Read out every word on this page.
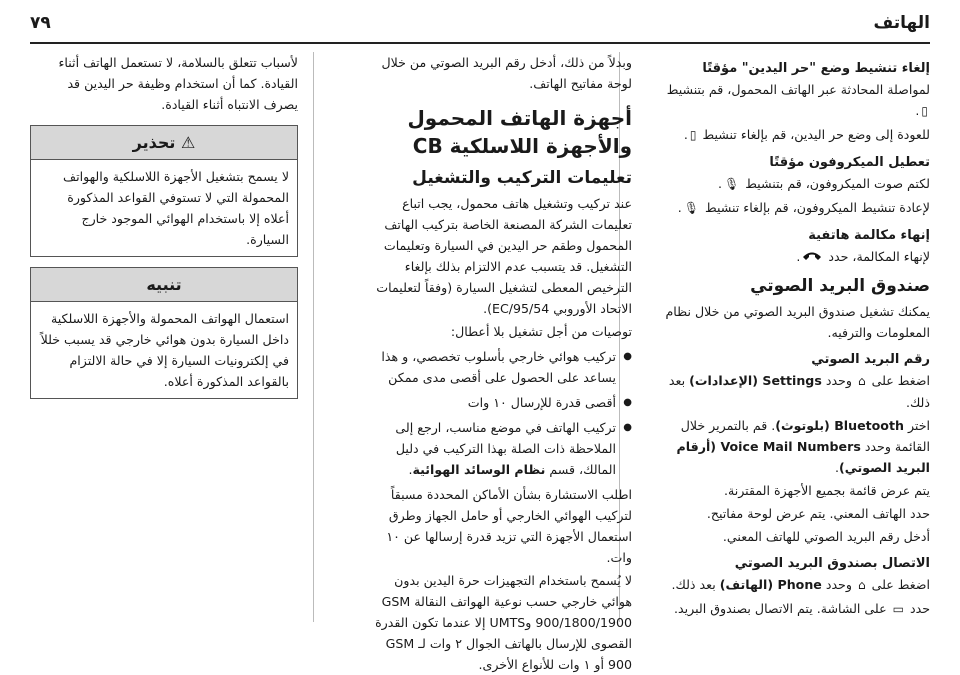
الهاتف
٧٩
إلغاء تنشيط وضع "حر اليدين" مؤقتًا

لمواصلة المحادثة عبر الهاتف المحمول، قم بتنشيط ▯.

للعودة إلى وضع حر اليدين، قم بإلغاء تنشيط ▯.

تعطيل الميكروفون مؤقتًا

لكتم صوت الميكروفون، قم بتنشيط 🎙.

لإعادة تنشيط الميكروفون، قم بإلغاء تنشيط 🎙.

إنهاء مكالمة هاتفية

لإنهاء المكالمة، حدد .

صندوق البريد الصوتي

يمكنك تشغيل صندوق البريد الصوتي من خلال نظام المعلومات والترفيه.

رقم البريد الصوتي

اضغط على ⌂ وحدد Settings (الإعدادات) بعد ذلك.

اختر Bluetooth (بلوتوث). قم بالتمرير خلال القائمة وحدد Voice Mail Numbers (أرقام البريد الصوتي).

يتم عرض قائمة بجميع الأجهزة المقترنة.

حدد الهاتف المعني. يتم عرض لوحة مفاتيح.

أدخل رقم البريد الصوتي للهاتف المعني.

الاتصال بصندوق البريد الصوتي

اضغط على ⌂ وحدد Phone (الهاتف) بعد ذلك.

حدد ▭ على الشاشة. يتم الاتصال بصندوق البريد.

وبدلاً من ذلك، أدخل رقم البريد الصوتي من خلال لوحة مفاتيح الهاتف.

أجهزة الهاتف المحمول والأجهزة اللاسلكية CB
تعليمات التركيب والتشغيل

عند تركيب وتشغيل هاتف محمول، يجب اتباع تعليمات الشركة المصنعة الخاصة بتركيب الهاتف المحمول وطقم حر اليدين في السيارة وتعليمات التشغيل. قد يتسبب عدم الالتزام بذلك بإلغاء الترخيص المعطى لتشغيل السيارة (وفقاً لتعليمات الاتحاد الأوروبي 95/54/EC).

توصيات من أجل تشغيل بلا أعطال:

● تركيب هوائي خارجي بأسلوب تخصصي، و هذا يساعد على الحصول على أقصى مدى ممكن
● أقصى قدرة للإرسال ١٠ وات
● تركيب الهاتف في موضع مناسب، ارجع إلى الملاحظة ذات الصلة بهذا التركيب في دليل المالك، قسم نظام الوسائد الهوائية.

اطلب الاستشارة بشأن الأماكن المحددة مسبقاً لتركيب الهوائي الخارجي أو حامل الجهاز وطرق استعمال الأجهزة التي تزيد قدرة إرسالها عن ١٠ وات.

لا يُسمح باستخدام التجهيزات حرة اليدين بدون هوائي خارجي حسب نوعية الهواتف النقالة GSM 900/1800/1900 وUMTS إلا عندما تكون القدرة القصوى للإرسال بالهاتف الجوال ٢ وات لـ GSM 900 أو ١ وات للأنواع الأخرى.

لأسباب تتعلق بالسلامة، لا تستعمل الهاتف أثناء القيادة. كما أن استخدام وظيفة حر اليدين قد يصرف الانتباه أثناء القيادة.

⚠ تحذير
لا يسمح بتشغيل الأجهزة اللاسلكية والهواتف المحمولة التي لا تستوفي القواعد المذكورة أعلاه إلا باستخدام الهوائي الموجود خارج السيارة.
تنبيه
استعمال الهواتف المحمولة والأجهزة اللاسلكية داخل السيارة بدون هوائي خارجي قد يسبب خللاً في إلكترونيات السيارة إلا في حالة الالتزام بالقواعد المذكورة أعلاه.
